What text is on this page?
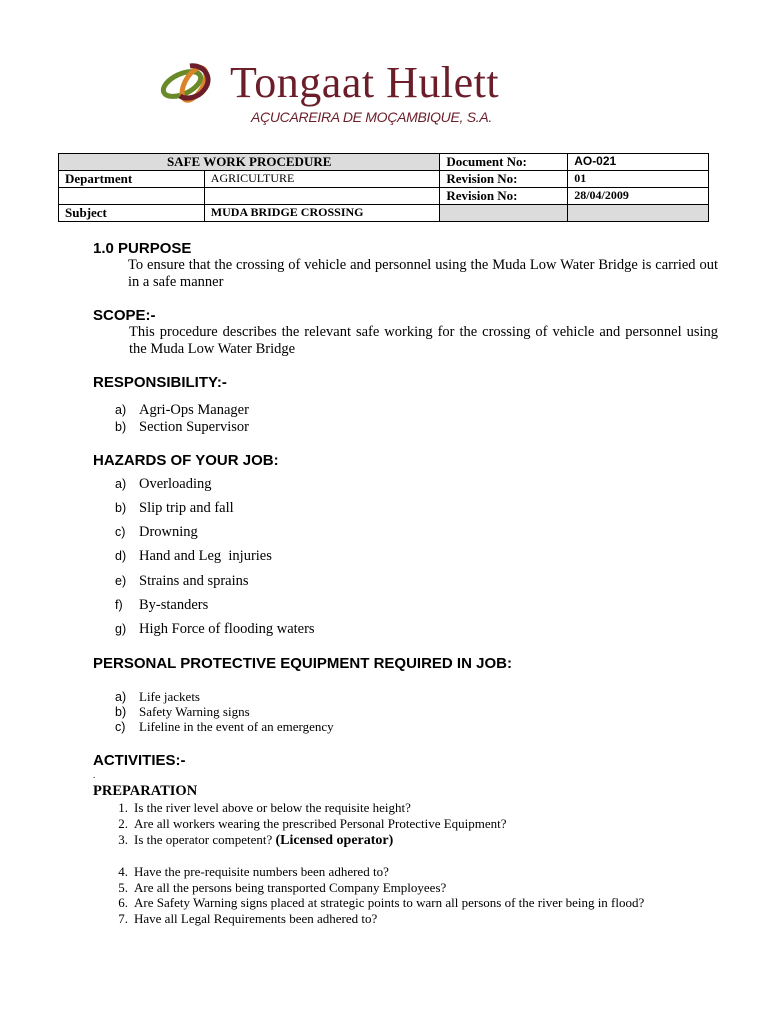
Tongaat Hulett
AÇUCAREIRA DE MOÇAMBIQUE, S.A.
SAFE WORK PROCEDURE		Document No:	AO-021
Department	AGRICULTURE	Revision No:	01
		Revision No:	28/04/2009
Subject	MUDA BRIDGE CROSSING		
1.0 PURPOSE
To ensure that the crossing of vehicle and personnel using the Muda Low Water Bridge is carried out in a safe manner
SCOPE:-
This procedure describes the relevant safe working for the crossing of vehicle and personnel using the Muda Low Water Bridge
RESPONSIBILITY:-
a) Agri-Ops Manager
b) Section Supervisor
HAZARDS OF YOUR JOB:
a) Overloading
b) Slip trip and fall
c) Drowning
d) Hand and Leg  injuries
e) Strains and sprains
f) By-standers
g) High Force of flooding waters
PERSONAL PROTECTIVE EQUIPMENT REQUIRED IN JOB:
a) Life jackets
b) Safety Warning signs
c) Lifeline in the event of an emergency
ACTIVITIES:-
.
PREPARATION
1. Is the river level above or below the requisite height?
2. Are all workers wearing the prescribed Personal Protective Equipment?
3. Is the operator competent? (Licensed operator)
4. Have the pre-requisite numbers been adhered to?
5. Are all the persons being transported Company Employees?
6. Are Safety Warning signs placed at strategic points to warn all persons of the river being in flood?
7. Have all Legal Requirements been adhered to?
